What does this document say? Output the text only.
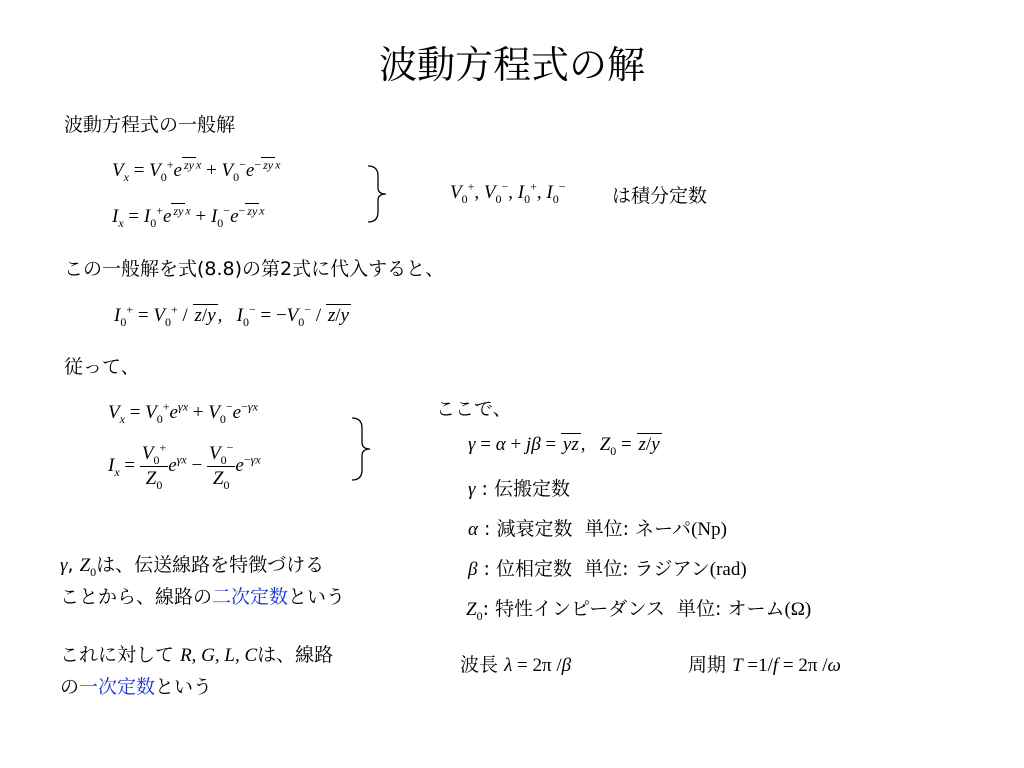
波動方程式の解
波動方程式の一般解
$V_x = V_0^+e$ $^{zy x} + V_0^-e^{- zy x}$
$I_x = I_0^+e$ $^{zy x} + I_0^-e^{- zy x}$
$V_0^+$, $V_0^-$, $I_0^+$, $I_0^-$ は積分定数
この一般解を式(8.8)の第2式に代入すると、
$I_0^+ = V_0^+ / z/y$ ,   $I_0^- = -V_0^- / z/y$
従って、
$V_x = V_0^+e^{\gamma x} + V_0^-e^{-\gamma x}$
$I_x = \frac{V_0^+}{Z_0} e^{\gamma x} - \frac{V_0^-}{Z_0} e^{-\gamma x}$
ここで、
γ = α + jβ = yz ,   $Z_0 = z/y$
γ : 伝搬定数
α : 減衰定数 単位: ネーパ(Np)
β : 位相定数 単位: ラジアン(rad)
$Z_0$: 特性インピーダンス 単位: オーム(Ω)
γ, $Z_0$は、伝送線路を特徴づける
ことから、線路の二次定数という
これに対して R, G, L, Cは、線路
の一次定数という
波長 λ = 2π /β	周期 T =1/f = 2π /ω
